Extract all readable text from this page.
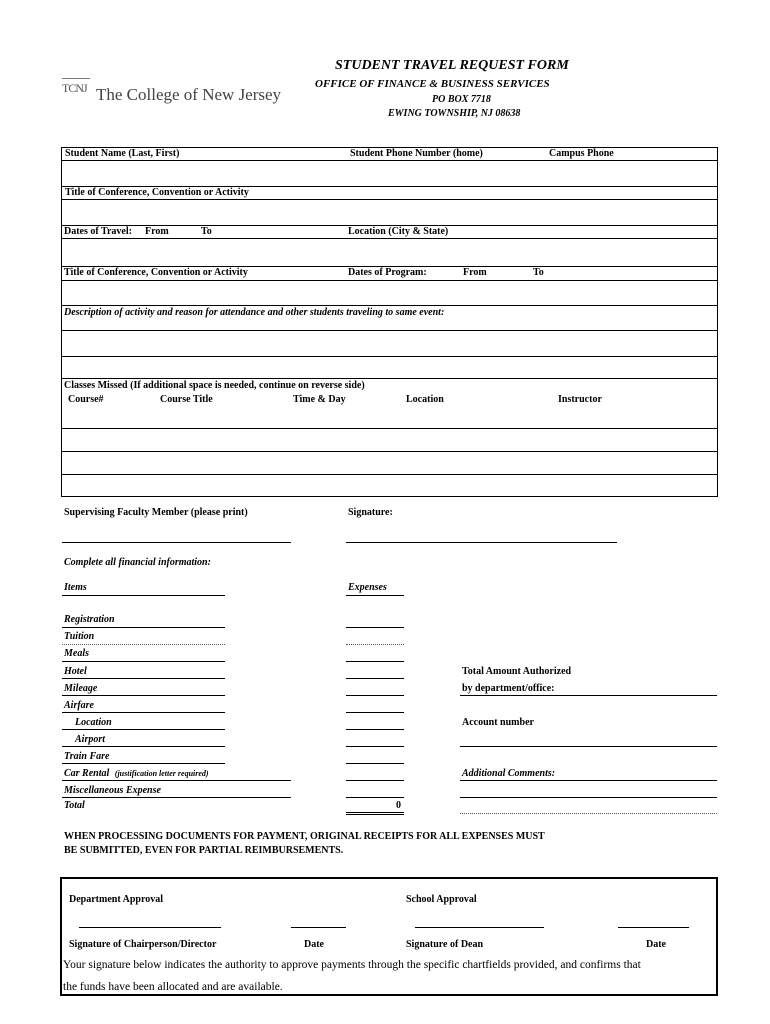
TCNJ The College of New Jersey
STUDENT TRAVEL REQUEST FORM
OFFICE OF FINANCE & BUSINESS SERVICES
PO BOX 7718
EWING TOWNSHIP, NJ 08638
Student Name (Last, First)	Student Phone Number (home)	Campus Phone
Title of Conference, Convention or Activity
Dates of Travel: From	To	Location (City & State)
Title of Conference, Convention or Activity	Dates of Program:	From	To
Description of activity and reason for attendance and other students traveling to same event:
Classes Missed (If additional space is needed, continue on reverse side)
Course#	Course Title	Time & Day	Location	Instructor
Supervising Faculty Member (please print)	Signature:
Complete all financial information:
Items	Expenses
Registration
Tuition
Meals
Hotel
Mileage
Airfare
Location
Airport
Train Fare
Car Rental (justification letter required)
Miscellaneous Expense
Total	0
Total Amount Authorized
by department/office:
Account number
Additional Comments:
WHEN PROCESSING DOCUMENTS FOR PAYMENT, ORIGINAL RECEIPTS FOR ALL EXPENSES MUST
BE SUBMITTED, EVEN FOR PARTIAL REIMBURSEMENTS.
Department Approval	School Approval
Signature of Chairperson/Director	Date	Signature of Dean	Date
Your signature below indicates the authority to approve payments through the specific chartfields provided, and confirms that
the funds have been allocated and are available.
